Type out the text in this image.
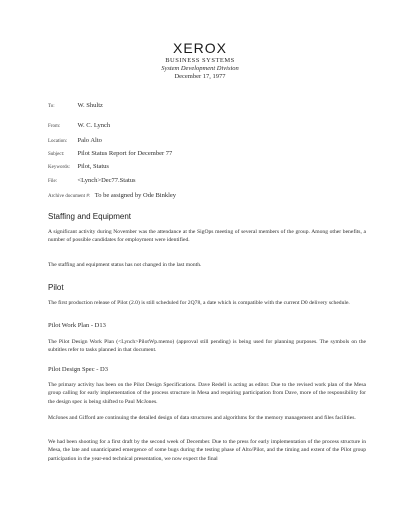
XEROX
BUSINESS SYSTEMS
System Development Division
December 17, 1977
To:	W. Shultz
From:	W. C. Lynch
Location: Palo Alto
Subject: Pilot Status Report for December 77
Keywords: Pilot, Status
File:	<Lynch>Dec77.Status
Archive document #: To be assigned by Ode Binkley
Staffing and Equipment
A significant activity during November was the attendance at the SigOps meeting of several members of the group. Among other benefits, a number of possible candidates for employment were identified.
The staffing and equipment status has not changed in the last month.
Pilot
The first production release of Pilot (2.0) is still scheduled for 2Q78, a date which is compatible with the current D0 delivery schedule.
Pilot Work Plan - D13
The Pilot Design Work Plan (<Lynch>PilotWp.memo) (approval still pending) is being used for planning purposes. The symbols on the subtitles refer to tasks planned in that document.
Pilot Design Spec - D3
The primary activity has been on the Pilot Design Specifications. Dave Redell is acting as editor. Due to the revised work plan of the Mesa group calling for early implementation of the process structure in Mesa and requiring participation from Dave, more of the responsibility for the design spec is being shifted to Paul McJones.
McJones and Gifford are continuing the detailed design of data structures and algorithms for the memory management and files facilities.
We had been shooting for a first draft by the second week of December. Due to the press for early implementation of the process structure in Mesa, the late and unanticipated emergence of some bugs during the testing phase of Alto/Pilot, and the timing and extent of the Pilot group participation in the year-end technical presentation, we now expect the final
